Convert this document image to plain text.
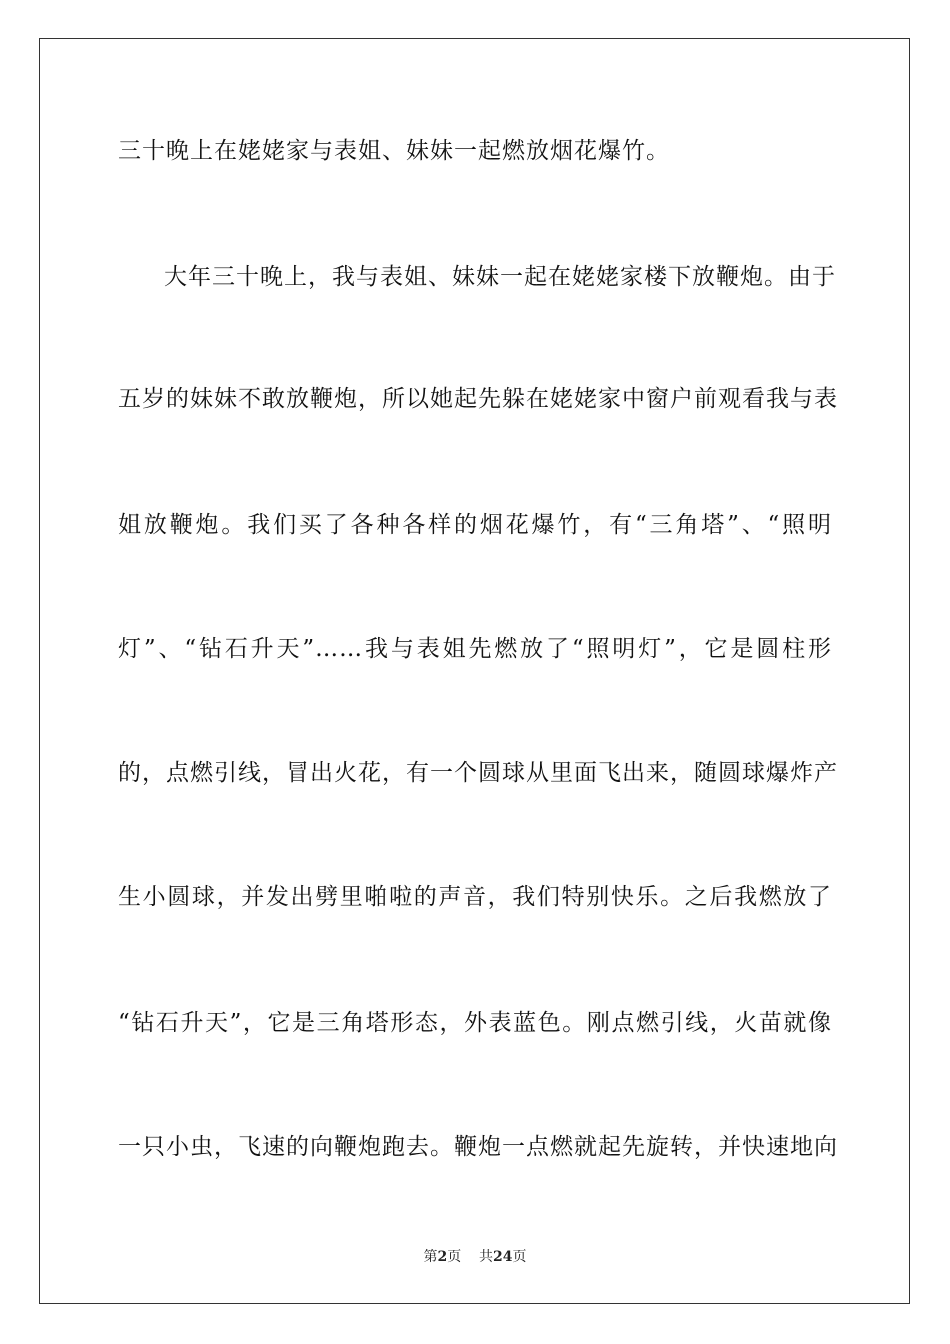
三十晚上在姥姥家与表姐、妹妹一起燃放烟花爆竹。
大年三十晚上，我与表姐、妹妹一起在姥姥家楼下放鞭炮。由于
五岁的妹妹不敢放鞭炮，所以她起先躲在姥姥家中窗户前观看我与表
姐放鞭炮。我们买了各种各样的烟花爆竹，有“三角塔”、“照明
灯”、“钻石升天”……我与表姐先燃放了“照明灯”，它是圆柱形
的，点燃引线，冒出火花，有一个圆球从里面飞出来，随圆球爆炸产
生小圆球，并发出劈里啪啦的声音，我们特别快乐。之后我燃放了
“钻石升天”，它是三角塔形态，外表蓝色。刚点燃引线，火苗就像
一只小虫，飞速的向鞭炮跑去。鞭炮一点燃就起先旋转，并快速地向
第2页 共24页
